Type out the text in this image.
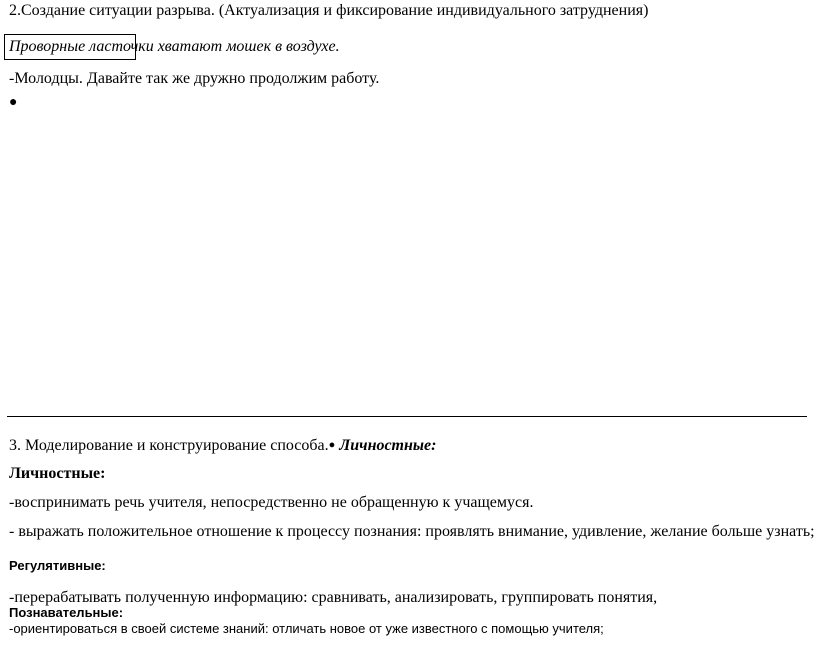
2.Создание ситуации разрыва. (Актуализация и фиксирование индивидуального затруднения)
Проворные ласточки хватают мошек в воздухе.
-Молодцы. Давайте так же дружно продолжим работу.
●
3. Моделирование и конструирование способа.● Личностные:
Личностные:
-воспринимать речь учителя, непосредственно не обращенную к учащемуся.
- выражать положительное отношение к процессу познания: проявлять внимание, удивление, желание больше узнать;
Регулятивные:
-перерабатывать полученную информацию: сравнивать, анализировать, группировать понятия,
Познавательные:
-ориентироваться в своей системе знаний: отличать новое от уже известного с помощью учителя;
